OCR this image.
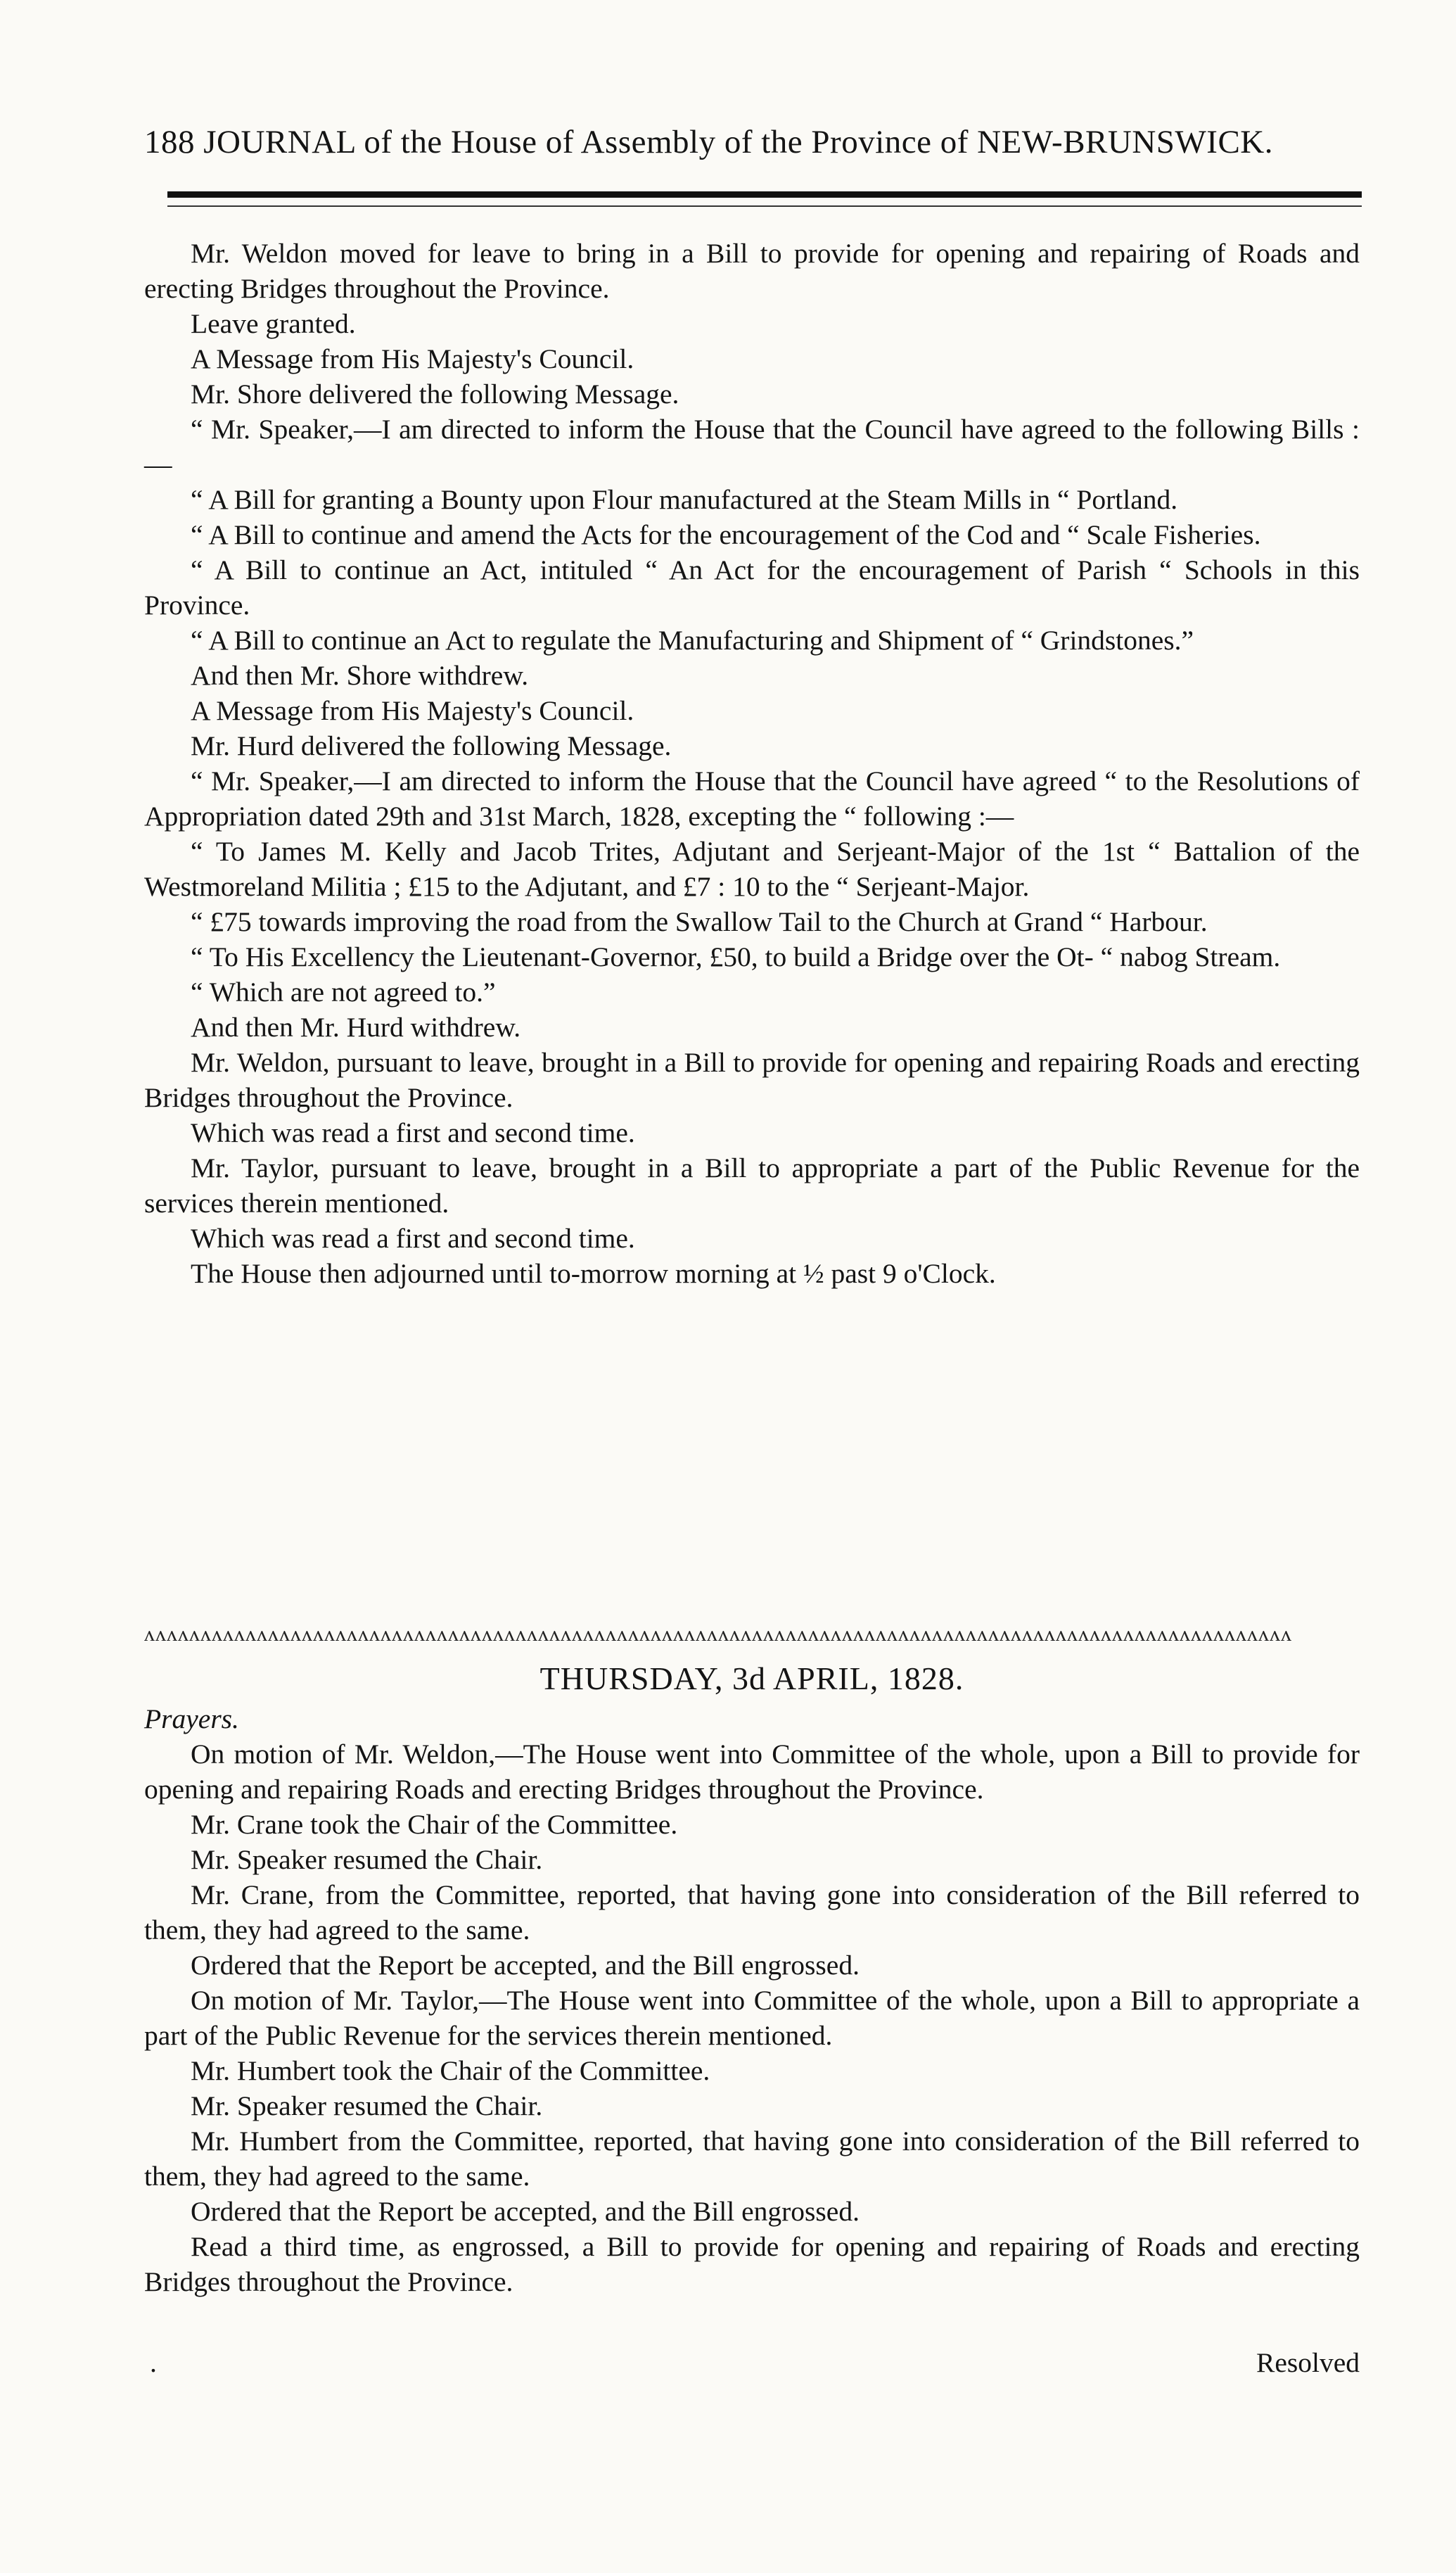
188 JOURNAL of the House of Assembly of the Province of NEW-BRUNSWICK.

Mr. Weldon moved for leave to bring in a Bill to provide for opening and repairing of Roads and erecting Bridges throughout the Province.

Leave granted.

A Message from His Majesty's Council.

Mr. Shore delivered the following Message.

“ Mr. Speaker,—I am directed to inform the House that the Council have agreed to the following Bills :—

“ A Bill for granting a Bounty upon Flour manufactured at the Steam Mills in “ Portland.

“ A Bill to continue and amend the Acts for the encouragement of the Cod and “ Scale Fisheries.

“ A Bill to continue an Act, intituled “ An Act for the encouragement of Parish “ Schools in this Province.

“ A Bill to continue an Act to regulate the Manufacturing and Shipment of “ Grindstones.”

And then Mr. Shore withdrew.

A Message from His Majesty's Council.

Mr. Hurd delivered the following Message.

“ Mr. Speaker,—I am directed to inform the House that the Council have agreed “ to the Resolutions of Appropriation dated 29th and 31st March, 1828, excepting the “ following :—

“ To James M. Kelly and Jacob Trites, Adjutant and Serjeant-Major of the 1st “ Battalion of the Westmoreland Militia ; £15 to the Adjutant, and £7 : 10 to the “ Serjeant-Major.

“ £75 towards improving the road from the Swallow Tail to the Church at Grand “ Harbour.

“ To His Excellency the Lieutenant-Governor, £50, to build a Bridge over the Ot- “ nabog Stream.

“ Which are not agreed to.”

And then Mr. Hurd withdrew.

Mr. Weldon, pursuant to leave, brought in a Bill to provide for opening and repairing Roads and erecting Bridges throughout the Province.

Which was read a first and second time.

Mr. Taylor, pursuant to leave, brought in a Bill to appropriate a part of the Public Revenue for the services therein mentioned.

Which was read a first and second time.

The House then adjourned until to-morrow morning at ½ past 9 o'Clock.

ʌʌʌʌʌʌʌʌʌʌʌʌʌʌʌʌʌʌʌʌʌʌʌʌʌʌʌʌʌʌʌʌʌʌʌʌʌʌʌʌʌʌʌʌʌʌʌʌʌʌʌʌʌʌʌʌʌʌʌʌʌʌʌʌʌʌʌʌʌʌʌʌʌʌʌʌʌʌʌʌʌʌʌʌʌʌʌʌʌʌʌʌʌʌʌʌʌʌʌʌʌʌ
THURSDAY, 3d APRIL, 1828.
Prayers.

On motion of Mr. Weldon,—The House went into Committee of the whole, upon a Bill to provide for opening and repairing Roads and erecting Bridges throughout the Province.

Mr. Crane took the Chair of the Committee.

Mr. Speaker resumed the Chair.

Mr. Crane, from the Committee, reported, that having gone into consideration of the Bill referred to them, they had agreed to the same.

Ordered that the Report be accepted, and the Bill engrossed.

On motion of Mr. Taylor,—The House went into Committee of the whole, upon a Bill to appropriate a part of the Public Revenue for the services therein mentioned.

Mr. Humbert took the Chair of the Committee.

Mr. Speaker resumed the Chair.

Mr. Humbert from the Committee, reported, that having gone into consideration of the Bill referred to them, they had agreed to the same.

Ordered that the Report be accepted, and the Bill engrossed.

Read a third time, as engrossed, a Bill to provide for opening and repairing of Roads and erecting Bridges throughout the Province.

.	Resolved
